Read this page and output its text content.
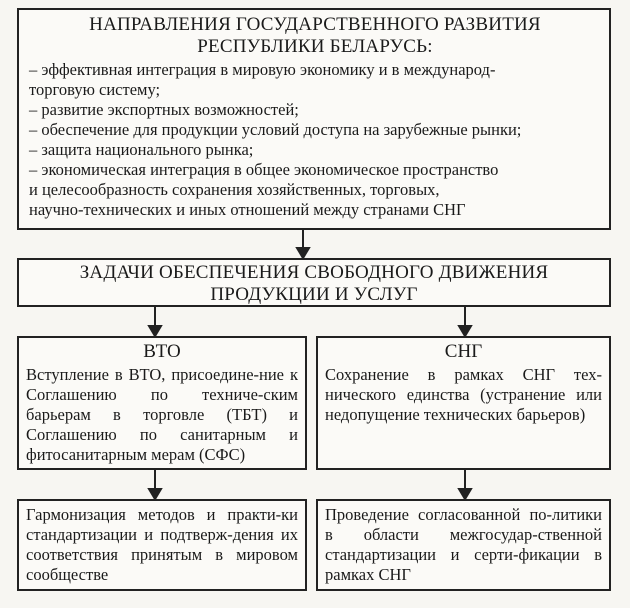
НАПРАВЛЕНИЯ ГОСУДАРСТВЕННОГО РАЗВИТИЯ
РЕСПУБЛИКИ БЕЛАРУСЬ:
– эффективная интеграция в мировую экономику и в международ-
торговую систему;
– развитие экспортных возможностей;
– обеспечение для продукции условий доступа на зарубежные рынки;
– защита национального рынка;
– экономическая интеграция в общее экономическое пространство
и целесообразность сохранения хозяйственных, торговых,
научно-технических и иных отношений между странами СНГ
ЗАДАЧИ ОБЕСПЕЧЕНИЯ СВОБОДНОГО ДВИЖЕНИЯ
ПРОДУКЦИИ И УСЛУГ
ВТО
Вступление в ВТО, присоедине-ние к Соглашению по техниче-ским барьерам в торговле (ТБТ) и Соглашению по санитарным и фитосанитарным мерам (СФС)
СНГ
Сохранение в рамках СНГ тех-нического единства (устранение или недопущение технических барьеров)
Гармонизация методов и практи-ки стандартизации и подтверж-дения их соответствия принятым в мировом сообществе
Проведение согласованной по-литики в области межгосудар-ственной стандартизации и серти-фикации в рамках СНГ
